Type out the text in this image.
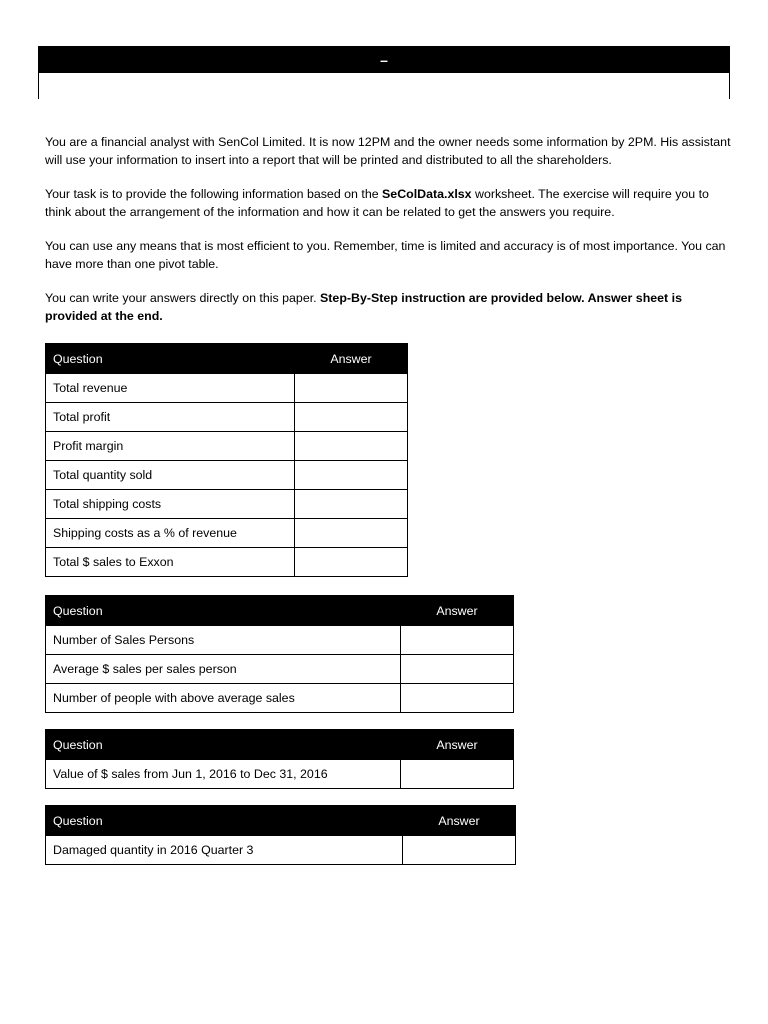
–

You are a financial analyst with SenCol Limited. It is now 12PM and the owner needs some information by 2PM. His assistant will use your information to insert into a report that will be printed and distributed to all the shareholders.

Your task is to provide the following information based on the SeColData.xlsx worksheet. The exercise will require you to think about the arrangement of the information and how it can be related to get the answers you require.

You can use any means that is most efficient to you. Remember, time is limited and accuracy is of most importance. You can have more than one pivot table.

You can write your answers directly on this paper. Step-By-Step instruction are provided below. Answer sheet is provided at the end.

Question	Answer
Total revenue	
Total profit	
Profit margin	
Total quantity sold	
Total shipping costs	
Shipping costs as a % of revenue	
Total $ sales to Exxon	
Question	Answer
Number of Sales Persons	
Average $ sales per sales person	
Number of people with above average sales	
Question	Answer
Value of $ sales from Jun 1, 2016 to Dec 31, 2016	
Question	Answer
Damaged quantity in 2016 Quarter 3	
